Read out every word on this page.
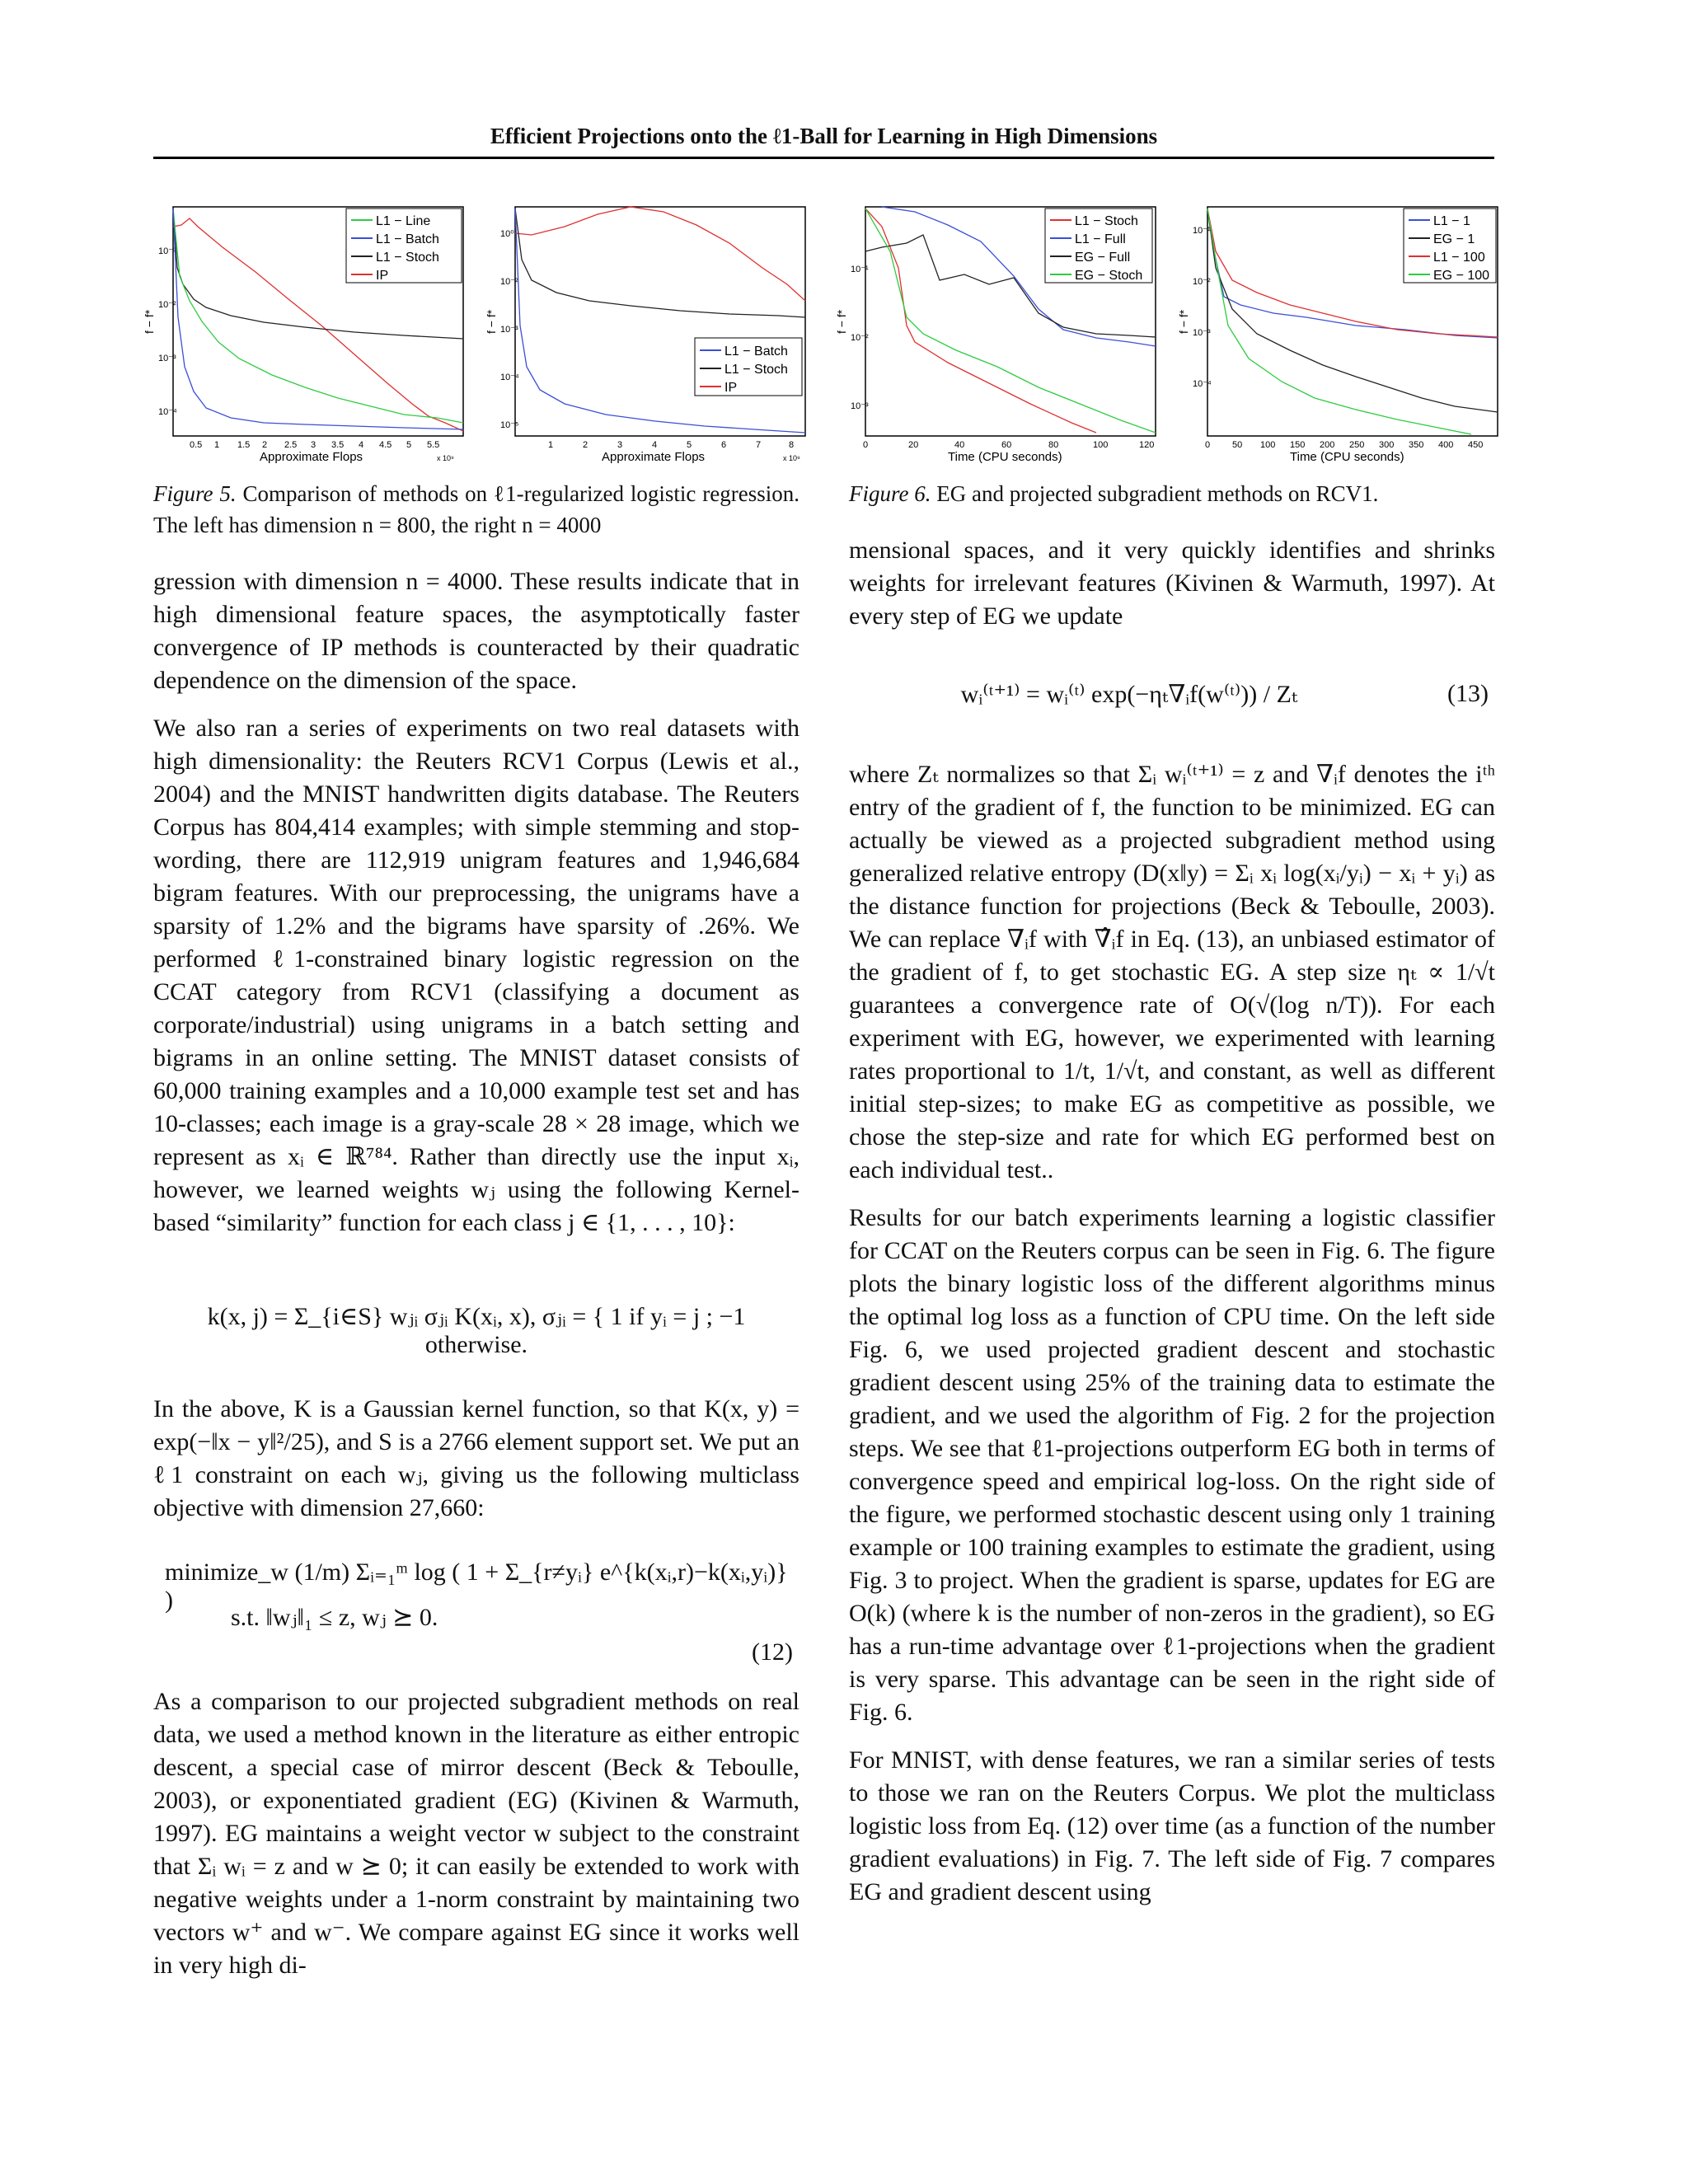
Efficient Projections onto the ℓ1-Ball for Learning in High Dimensions
f − f*
10⁻¹
10⁻²
10⁻³
10⁻⁴
0.5 1 1.5 2 2.5 3 3.5 4 4.5 5 5.5
Approximate Flops	x 10⁹
L1 − Line
L1 − Batch
L1 − Stoch
IP
f − f*
10⁰
10⁻²
10⁻³
10⁻⁴
10⁻⁵
1	2	3	4	5	6	7	8
Approximate Flops	x 10⁹
L1 − Batch
L1 − Stoch
IP
f − f*
10⁻¹
10⁻²
10⁻³
0	20	40	60	80	100	120
Time (CPU seconds)
L1 − Stoch
L1 − Full
EG − Full
EG − Stoch
f − f*
10⁻¹
10⁻²
10⁻³
10⁻⁴
0 50 100 150 200 250 300 350 400 450
Time (CPU seconds)
L1 − 1
EG − 1
L1 − 100
EG − 100
Figure 5. Comparison of methods on ℓ1-regularized logistic regression. The left has dimension n = 800, the right n = 4000
Figure 6. EG and projected subgradient methods on RCV1.

gression with dimension n = 4000. These results indicate that in high dimensional feature spaces, the asymptotically faster convergence of IP methods is counteracted by their quadratic dependence on the dimension of the space.

We also ran a series of experiments on two real datasets with high dimensionality: the Reuters RCV1 Corpus (Lewis et al., 2004) and the MNIST handwritten digits database. The Reuters Corpus has 804,414 examples; with simple stemming and stop-wording, there are 112,919 unigram features and 1,946,684 bigram features. With our preprocessing, the unigrams have a sparsity of 1.2% and the bigrams have sparsity of .26%. We performed ℓ1-constrained binary logistic regression on the CCAT category from RCV1 (classifying a document as corporate/industrial) using unigrams in a batch setting and bigrams in an online setting. The MNIST dataset consists of 60,000 training examples and a 10,000 example test set and has 10-classes; each image is a gray-scale 28 × 28 image, which we represent as xᵢ ∈ ℝ⁷⁸⁴. Rather than directly use the input xᵢ, however, we learned weights wⱼ using the following Kernel-based “similarity” function for each class j ∈ {1, . . . , 10}:

k(x, j) = Σ_{i∈S} wⱼᵢ σⱼᵢ K(xᵢ, x), σⱼᵢ = { 1 if yᵢ = j ; −1 otherwise.

In the above, K is a Gaussian kernel function, so that K(x, y) = exp(−‖x − y‖²/25), and S is a 2766 element support set. We put an ℓ1 constraint on each wⱼ, giving us the following multiclass objective with dimension 27,660:

minimize_w (1/m) Σᵢ₌₁ᵐ log ( 1 + Σ_{r≠yᵢ} e^{k(xᵢ,r)−k(xᵢ,yᵢ)} )
s.t. ‖wⱼ‖₁ ≤ z, wⱼ ⪰ 0.
(12)

As a comparison to our projected subgradient methods on real data, we used a method known in the literature as either entropic descent, a special case of mirror descent (Beck & Teboulle, 2003), or exponentiated gradient (EG) (Kivinen & Warmuth, 1997). EG maintains a weight vector w subject to the constraint that Σᵢ wᵢ = z and w ⪰ 0; it can easily be extended to work with negative weights under a 1-norm constraint by maintaining two vectors w⁺ and w⁻. We compare against EG since it works well in very high di-

mensional spaces, and it very quickly identifies and shrinks weights for irrelevant features (Kivinen & Warmuth, 1997). At every step of EG we update

wᵢ⁽ᵗ⁺¹⁾ = wᵢ⁽ᵗ⁾ exp(−ηₜ∇ᵢf(w⁽ᵗ⁾)) / Zₜ	(13)

where Zₜ normalizes so that Σᵢ wᵢ⁽ᵗ⁺¹⁾ = z and ∇ᵢf denotes the iᵗʰ entry of the gradient of f, the function to be minimized. EG can actually be viewed as a projected subgradient method using generalized relative entropy (D(x‖y) = Σᵢ xᵢ log(xᵢ/yᵢ) − xᵢ + yᵢ) as the distance function for projections (Beck & Teboulle, 2003). We can replace ∇ᵢf with ∇̂ᵢf in Eq. (13), an unbiased estimator of the gradient of f, to get stochastic EG. A step size ηₜ ∝ 1/√t guarantees a convergence rate of O(√(log n/T)). For each experiment with EG, however, we experimented with learning rates proportional to 1/t, 1/√t, and constant, as well as different initial step-sizes; to make EG as competitive as possible, we chose the step-size and rate for which EG performed best on each individual test..

Results for our batch experiments learning a logistic classifier for CCAT on the Reuters corpus can be seen in Fig. 6. The figure plots the binary logistic loss of the different algorithms minus the optimal log loss as a function of CPU time. On the left side Fig. 6, we used projected gradient descent and stochastic gradient descent using 25% of the training data to estimate the gradient, and we used the algorithm of Fig. 2 for the projection steps. We see that ℓ1-projections outperform EG both in terms of convergence speed and empirical log-loss. On the right side of the figure, we performed stochastic descent using only 1 training example or 100 training examples to estimate the gradient, using Fig. 3 to project. When the gradient is sparse, updates for EG are O(k) (where k is the number of non-zeros in the gradient), so EG has a run-time advantage over ℓ1-projections when the gradient is very sparse. This advantage can be seen in the right side of Fig. 6.

For MNIST, with dense features, we ran a similar series of tests to those we ran on the Reuters Corpus. We plot the multiclass logistic loss from Eq. (12) over time (as a function of the number gradient evaluations) in Fig. 7. The left side of Fig. 7 compares EG and gradient descent using
